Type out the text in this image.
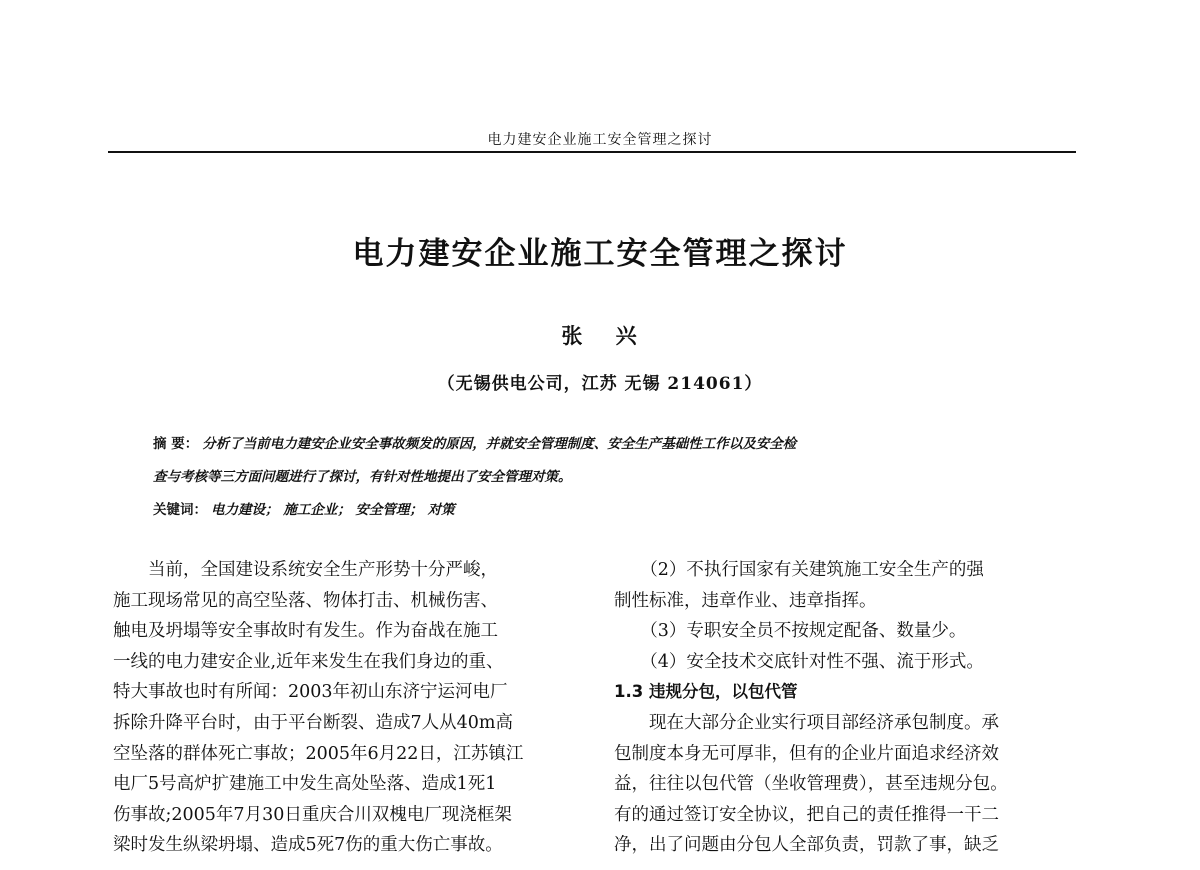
电力建安企业施工安全管理之探讨
电力建安企业施工安全管理之探讨
张 兴
（无锡供电公司，江苏 无锡 214061）
摘 要： 分析了当前电力建安企业安全事故频发的原因，并就安全管理制度、安全生产基础性工作以及安全检
查与考核等三方面问题进行了探讨，有针对性地提出了安全管理对策。
关键词： 电力建设； 施工企业； 安全管理； 对策
　　当前，全国建设系统安全生产形势十分严峻，
施工现场常见的高空坠落、物体打击、机械伤害、
触电及坍塌等安全事故时有发生。作为奋战在施工
一线的电力建安企业,近年来发生在我们身边的重、
特大事故也时有所闻：2003年初山东济宁运河电厂
拆除升降平台时，由于平台断裂、造成7人从40m高
空坠落的群体死亡事故；2005年6月22日，江苏镇江
电厂5号高炉扩建施工中发生高处坠落、造成1死1
伤事故;2005年7月30日重庆合川双槐电厂现浇框架
梁时发生纵梁坍塌、造成5死7伤的重大伤亡事故。
　　（2）不执行国家有关建筑施工安全生产的强
制性标准，违章作业、违章指挥。
　　（3）专职安全员不按规定配备、数量少。
　　（4）安全技术交底针对性不强、流于形式。
1.3 违规分包，以包代管
　　现在大部分企业实行项目部经济承包制度。承
包制度本身无可厚非，但有的企业片面追求经济效
益，往往以包代管（坐收管理费），甚至违规分包。
有的通过签订安全协议，把自己的责任推得一干二
净，出了问题由分包人全部负责，罚款了事，缺乏
